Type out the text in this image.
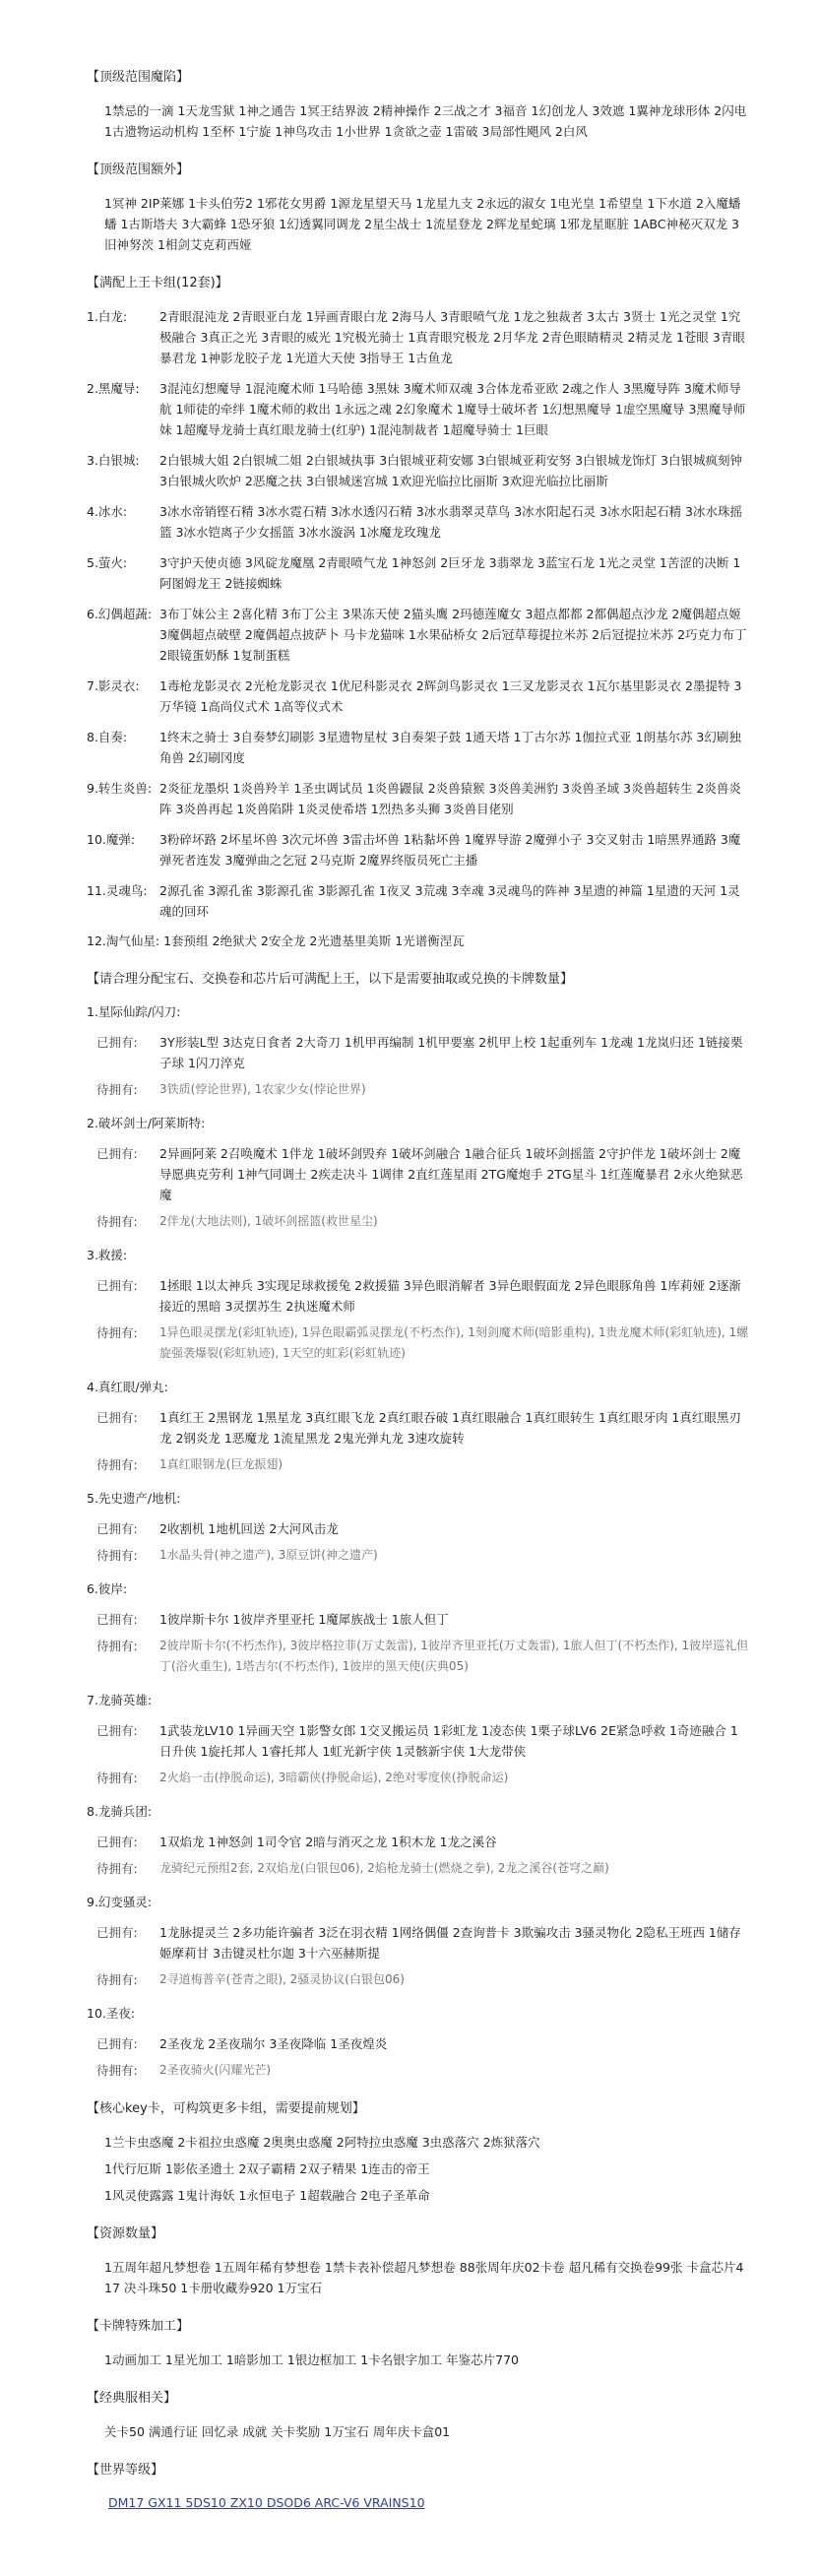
【顶级范围魔陷】
1禁忌的一滴 1天龙雪狱 1神之通告 1冥王结界波 2精神操作 2三战之才 3福音 1幻创龙人 3效遮 1翼神龙球形体 2闪电 1古遗物运动机构 1至杯 1宁旋 1神鸟攻击 1小世界 1贪欲之壶 1雷破 3局部性飓风 2白风
【顶级范围额外】
1冥神 2IP莱娜 1卡头伯劳2 1邪花女男爵 1源龙星望天马 1龙星九支 2永远的淑女 1电光皇 1希望皇 1下水道 2入魔蟠蟠 1古斯塔夫 3大霸蜂 1恐牙狼 1幻透翼同调龙 2星尘战士 1流星登龙 2辉龙星蛇璃 1邪龙星眶脏 1ABC神秘灭双龙 3旧神努茨 1相剑艾克莉西娅
【满配上王卡组(12套)】
1.白龙:	2青眼混沌龙 2青眼亚白龙 1异画青眼白龙 2海马人 3青眼喷气龙 1龙之独裁者 3太古 3贤士 1光之灵堂 1究极融合 3真正之光 3青眼的威光 1究极光骑士 1真青眼究极龙 2月华龙 2青色眼睛精灵 2精灵龙 1苍眼 3青眼暴君龙 1神影龙胶子龙 1光道大天使 3指导王 1古鱼龙
2.黑魔导:	3混沌幻想魔导 1混沌魔术师 1马哈德 3黑妹 3魔术师双魂 3合体龙希亚欧 2魂之作人 3黑魔导阵 3魔术师导航 1师徒的牵绊 1魔术师的救出 1永远之魂 2幻象魔术 1魔导士破坏者 1幻想黑魔导 1虚空黑魔导 3黑魔导师妹 1超魔导龙骑士真红眼龙骑士(红驴) 1混沌制裁者 1超魔导骑士 1巨眼
3.白银城:	2白银城大姐 2白银城二姐 2白银城执事 3白银城亚莉安娜 3白银城亚莉安努 3白银城龙饰灯 3白银城疯刻钟 3白银城火吹炉 2恶魔之扶 3白银城迷宫城 1欢迎光临拉比丽斯 3欢迎光临拉比丽斯
4.冰水:	3冰水帝销铿石精 3冰水霓石精 3冰水透闪石精 3冰水翡翠灵草鸟 3冰水阳起石灵 3冰水阳起石精 3冰水珠摇篮 3冰水铠离子少女摇篮 3冰水漩涡 1冰魔龙玫瑰龙
5.萤火:	3守护天使贞德 3风碇龙魔凰 2青眼喷气龙 1神怒剑 2巨牙龙 3翡翠龙 3蓝宝石龙 1光之灵堂 1苦涩的决断 1阿图姆龙王 2链接蜘蛛
6.幻偶超蔬: 3布丁妹公主 2喜化精 3布丁公主 3果冻天使 2猫头鹰 2玛德莲魔女 3超点都都 2都偶超点沙龙 2魔偶超点姬 3魔偶超点破壁 2魔偶超点披萨卜 马卡龙猫咪 1水果砧桥女 2后冠草莓提拉米苏 2后冠提拉米苏 2巧克力布丁 2眼镜蛋奶酥 1复制蛋糕
7.影灵衣:	1毒枪龙影灵衣 2光枪龙影灵衣 1优尼科影灵衣 2辉剑鸟影灵衣 1三叉龙影灵衣 1瓦尔基里影灵衣 2墨提特 3万华镜 1高尚仪式术 1高等仪式术
8.自奏:	1终末之骑士 3自奏梦幻刷影 3星遗物星杖 3自奏架子鼓 1通天塔 1丁古尔苏 1伽拉式亚 1朗基尔苏 3幻刷独角兽 2幻刷冈度
9.转生炎兽: 2炎征龙墨炽 1炎兽羚羊 1圣虫调试员 1炎兽鼹鼠 2炎兽猿猴 3炎兽美洲豹 3炎兽圣域 3炎兽超转生 2炎兽炎阵 3炎兽再起 1炎兽陷阱 1炎灵使希塔 1烈热多头狮 3炎兽目佬别
10.魔弹:	3粉碎坏路 2坏星坏兽 3次元坏兽 3雷击坏兽 1粘黏坏兽 1魔界导游 2魔弹小子 3交叉射击 1暗黑界通路 3魔弹死者连发 3魔弹曲之乞冠 2马克斯 2魔界终版员死亡主播
11.灵魂鸟: 2源孔雀 3源孔雀 3影源孔雀 3影源孔雀 1夜叉 3荒魂 3幸魂 3灵魂鸟的阵神 3星遗的神篇 1星遗的天河 1灵魂的回环
12.淘气仙星: 1套预组 2绝狱犬 2安全龙 2光遗基里美斯 1光谱衡涅瓦
【请合理分配宝石、交换卷和芯片后可满配上王，以下是需要抽取或兑换的卡牌数量】
1.星际仙踪/闪刀:
已拥有:	3Y形装L型 3达克日食者 2大奇刀 1机甲再编制 1机甲要塞 2机甲上校 1起重列车 1龙魂 1龙岚归还 1链接栗子球 1闪刀淬克
待拥有:	3铁质(悖论世界), 1农家少女(悖论世界)
2.破坏剑士/阿莱斯特:
已拥有:	2异画阿莱 2召唤魔术 1伴龙 1破坏剑毁弃 1破坏剑融合 1融合征兵 1破坏剑摇篮 2守护伴龙 1破坏剑士 2魔导愿典克劳利 1神气同调士 2疾走决斗 1调律 2直红莲星雨 2TG魔炮手 2TG星斗 1红莲魔暴君 2永火绝狱恶魔
待拥有:	2伴龙(大地法则), 1破坏剑摇篮(救世星尘)
3.救援:
已拥有:	1拯眼 1以太神兵 3实现足球救援兔 2救援猫 3异色眼消解者 3异色眼假面龙 2异色眼豚角兽 1库莉娅 2逐渐接近的黑暗 3灵摆苏生 2执迷魔术师
待拥有:	1异色眼灵摆龙(彩虹轨迹), 1异色眼霸弧灵摆龙(不朽杰作), 1刻剑魔术师(暗影重构), 1贵龙魔术师(彩虹轨迹), 1螺旋强袭爆裂(彩虹轨迹), 1天空的虹彩(彩虹轨迹)
4.真红眼/弹丸:
已拥有:	1真红王 2黑钢龙 1黑星龙 3真红眼飞龙 2真红眼吞破 1真红眼融合 1真红眼转生 1真红眼牙肉 1真红眼黑刃龙 2钢炎龙 1恶魔龙 1流星黑龙 2鬼光弹丸龙 3速攻旋转
待拥有:	1真红眼钢龙(巨龙振翅)
5.先史遗产/地机:
已拥有:	2收割机 1地机回送 2大河风击龙
待拥有:	1水晶头骨(神之遗产), 3原豆饼(神之遗产)
6.彼岸:
已拥有:	1彼岸斯卡尔 1彼岸齐里亚托 1魔犀族战士 1旅人但丁
待拥有:	2彼岸斯卡尔(不朽杰作), 3彼岸格拉菲(万丈轰雷), 1彼岸齐里亚托(万丈轰雷), 1旅人但丁(不朽杰作), 1彼岸巡礼但丁(浴火重生), 1塔吉尔(不朽杰作), 1彼岸的黑天使(庆典05)
7.龙骑英雄:
已拥有:	1武装龙LV10 1异画天空 1影警女郎 1交叉搬运员 1彩虹龙 1凌态侠 1栗子球LV6 2E紧急呼救 1奇迹融合 1日升侠 1旋托邦人 1睿托邦人 1虹光新宇侠 1灵骸新宇侠 1大龙带侠
待拥有:	2火焰一击(挣脱命运), 3暗霸侠(挣脱命运), 2绝对零度侠(挣脱命运)
8.龙骑兵团:
已拥有:	1双焰龙 1神怒剑 1司令官 2暗与消灭之龙 1积木龙 1龙之溪谷
待拥有:	龙骑纪元预组2套, 2双焰龙(白银包06), 2焰枪龙骑士(燃烧之拳), 2龙之溪谷(苍穹之巅)
9.幻变骚灵:
已拥有:	1龙脉提灵兰 2多功能许骗者 3泛在羽衣精 1网络偶僵 2查询普卡 3欺骗攻击 3骚灵物化 2隐私王班西 1储存姬摩莉甘 3击键灵杜尔迦 3十六巫赫斯提
待拥有:	2寻道梅普辛(苍青之眼), 2骚灵协议(白银包06)
10.圣夜:
已拥有:	2圣夜龙 2圣夜瑞尔 3圣夜降临 1圣夜煌炎
待拥有:	2圣夜骑火(闪耀光芒)
【核心key卡，可构筑更多卡组，需要提前规划】
1兰卡虫惑魔 2卡祖拉虫惑魔 2奥奥虫惑魔 2阿特拉虫惑魔 3虫惑落穴 2炼狱落穴
1代行厄斯 1影依圣遗土 2双子霸精 2双子精果 1连击的帝王
1风灵使露露 1鬼计海妖 1永恒电子 1超载融合 2电子圣革命
【资源数量】
1五周年超凡梦想卷 1五周年稀有梦想卷 1禁卡表补偿超凡梦想卷 88张周年庆02卡卷 超凡稀有交换卷99张 卡盒芯片417 决斗珠50 1卡册收藏券920 1万宝石
【卡牌特殊加工】
1动画加工 1星光加工 1暗影加工 1银边框加工 1卡名银字加工 年鉴芯片770
【经典服相关】
关卡50 满通行证 回忆录 成就 关卡奖励 1万宝石 周年庆卡盒01
【世界等级】
DM17 GX11 5DS10 ZX10 DSOD6 ARC-V6 VRAINS10
